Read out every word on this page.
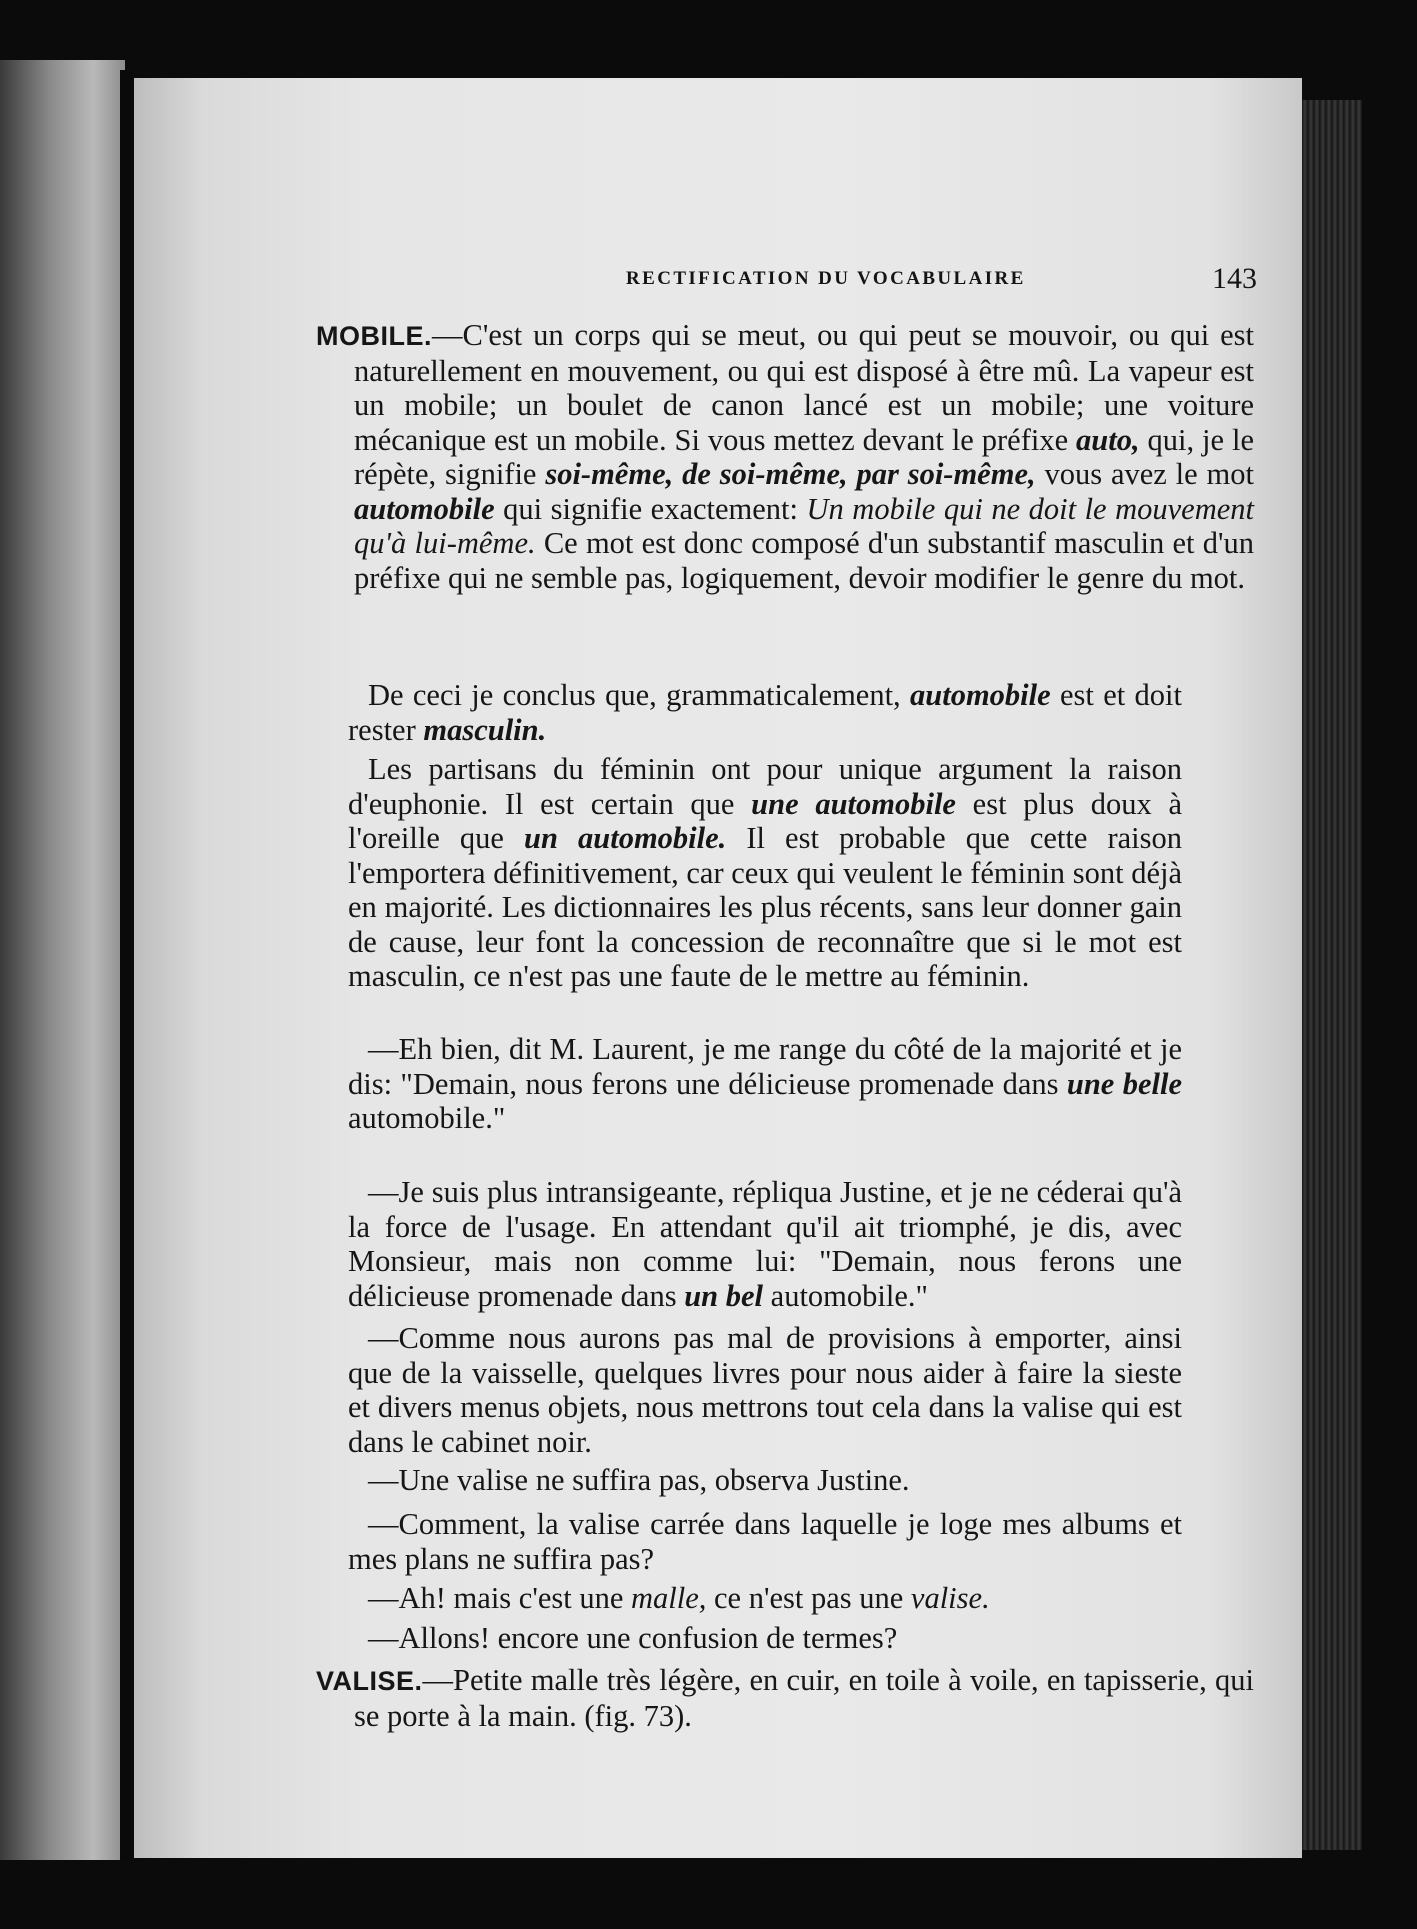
RECTIFICATION DU VOCABULAIRE	143
MOBILE.—C'est un corps qui se meut, ou qui peut se mouvoir, ou qui est naturellement en mouvement, ou qui est disposé à être mû. La vapeur est un mobile; un boulet de canon lancé est un mobile; une voiture mécanique est un mobile. Si vous mettez devant le préfixe auto, qui, je le répète, signifie soi-même, de soi-même, par soi-même, vous avez le mot automobile qui signifie exactement: Un mobile qui ne doit le mouvement qu'à lui-même. Ce mot est donc composé d'un substantif masculin et d'un préfixe qui ne semble pas, logiquement, devoir modifier le genre du mot.
De ceci je conclus que, grammaticalement, automobile est et doit rester masculin.
Les partisans du féminin ont pour unique argument la raison d'euphonie. Il est certain que une automobile est plus doux à l'oreille que un automobile. Il est probable que cette raison l'emportera définitivement, car ceux qui veulent le féminin sont déjà en majorité. Les dictionnaires les plus récents, sans leur donner gain de cause, leur font la concession de reconnaître que si le mot est masculin, ce n'est pas une faute de le mettre au féminin.
—Eh bien, dit M. Laurent, je me range du côté de la majorité et je dis: "Demain, nous ferons une délicieuse promenade dans une belle automobile."
—Je suis plus intransigeante, répliqua Justine, et je ne céderai qu'à la force de l'usage. En attendant qu'il ait triomphé, je dis, avec Monsieur, mais non comme lui: "Demain, nous ferons une délicieuse promenade dans un bel automobile."
—Comme nous aurons pas mal de provisions à emporter, ainsi que de la vaisselle, quelques livres pour nous aider à faire la sieste et divers menus objets, nous mettrons tout cela dans la valise qui est dans le cabinet noir.
—Une valise ne suffira pas, observa Justine.
—Comment, la valise carrée dans laquelle je loge mes albums et mes plans ne suffira pas?
—Ah! mais c'est une malle, ce n'est pas une valise.
—Allons! encore une confusion de termes?
VALISE.—Petite malle très légère, en cuir, en toile à voile, en tapisserie, qui se porte à la main. (fig. 73).
